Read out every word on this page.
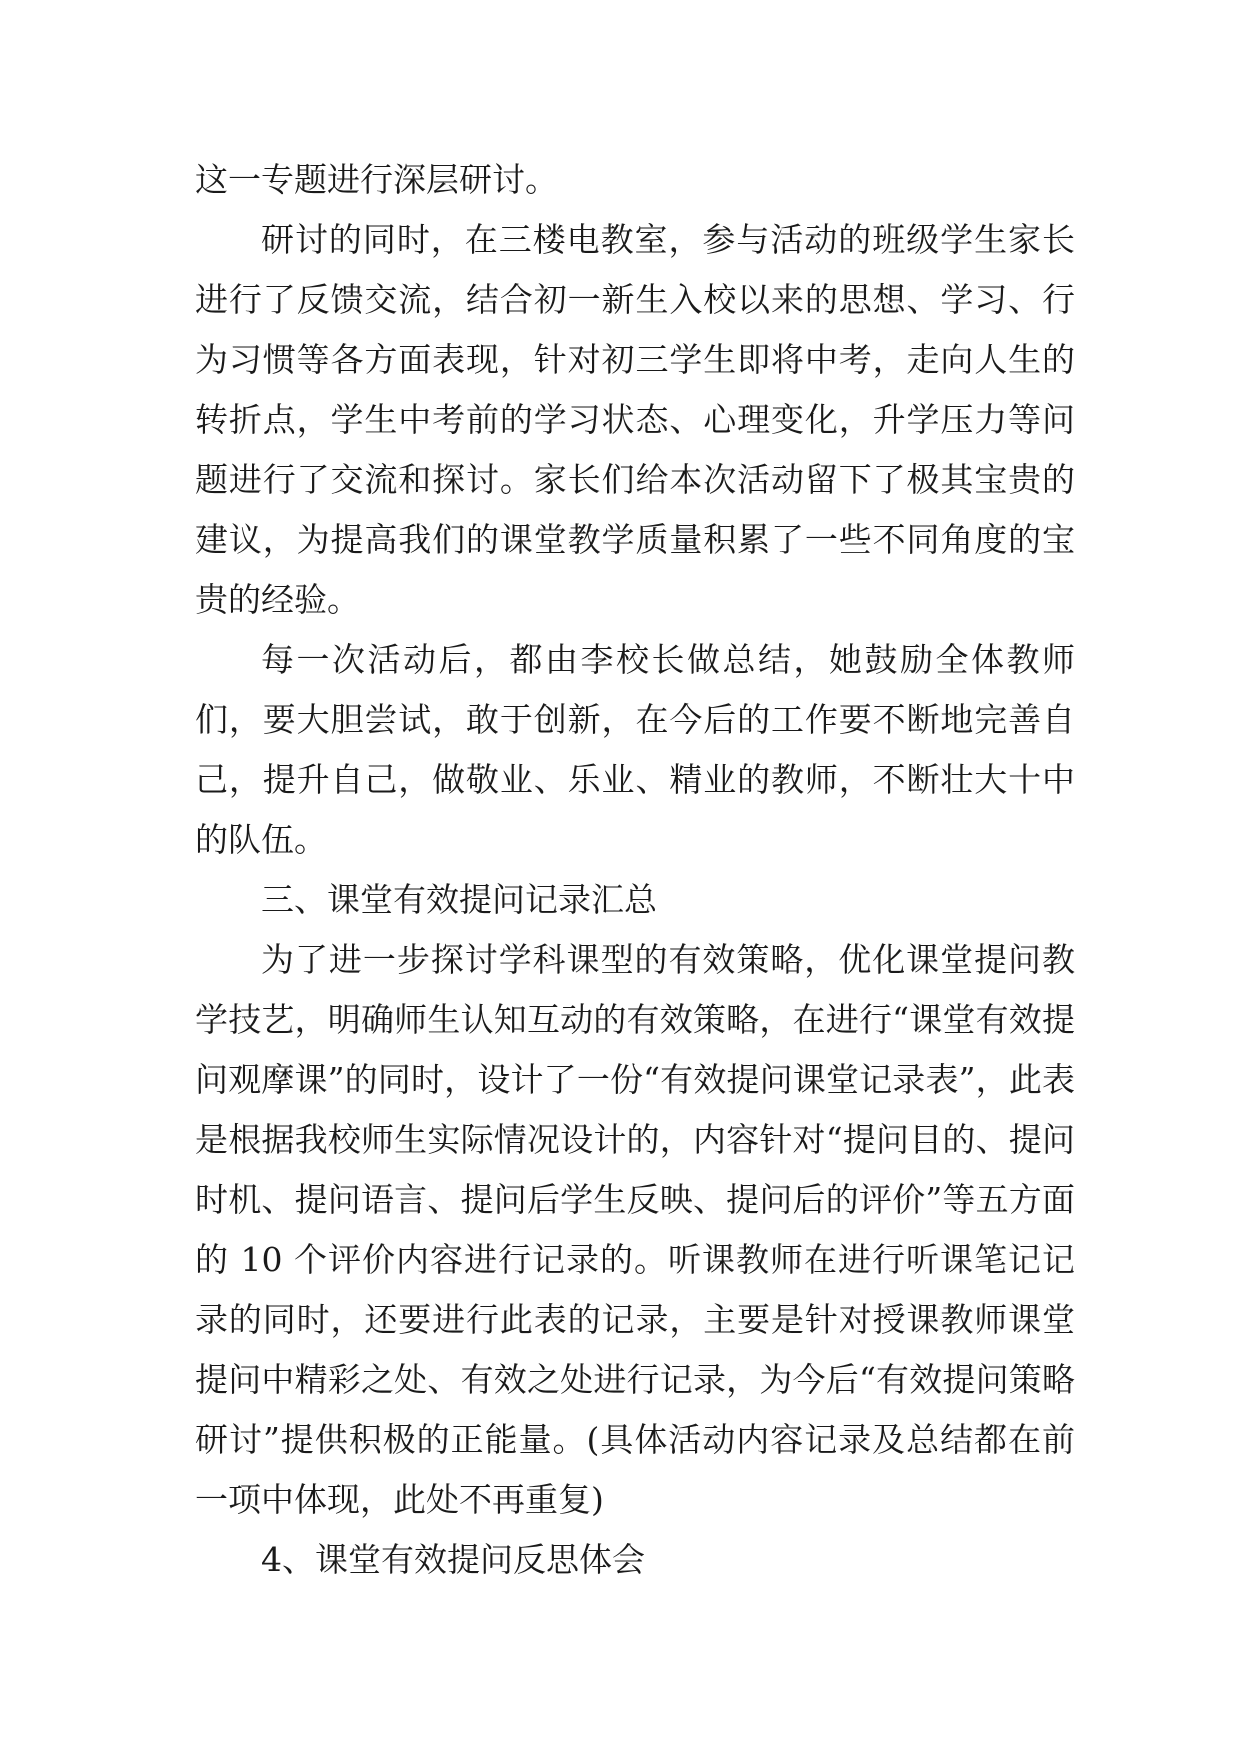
这一专题进行深层研讨。

研讨的同时，在三楼电教室，参与活动的班级学生家长进行了反馈交流，结合初一新生入校以来的思想、学习、行为习惯等各方面表现，针对初三学生即将中考，走向人生的转折点，学生中考前的学习状态、心理变化，升学压力等问题进行了交流和探讨。家长们给本次活动留下了极其宝贵的建议，为提高我们的课堂教学质量积累了一些不同角度的宝贵的经验。

每一次活动后，都由李校长做总结，她鼓励全体教师们，要大胆尝试，敢于创新，在今后的工作要不断地完善自己，提升自己，做敬业、乐业、精业的教师，不断壮大十中的队伍。

三、课堂有效提问记录汇总

为了进一步探讨学科课型的有效策略，优化课堂提问教学技艺，明确师生认知互动的有效策略，在进行“课堂有效提问观摩课”的同时，设计了一份“有效提问课堂记录表”，此表是根据我校师生实际情况设计的，内容针对“提问目的、提问时机、提问语言、提问后学生反映、提问后的评价”等五方面的 10 个评价内容进行记录的。听课教师在进行听课笔记记录的同时，还要进行此表的记录，主要是针对授课教师课堂提问中精彩之处、有效之处进行记录，为今后“有效提问策略研讨”提供积极的正能量。(具体活动内容记录及总结都在前一项中体现，此处不再重复)

4、课堂有效提问反思体会
